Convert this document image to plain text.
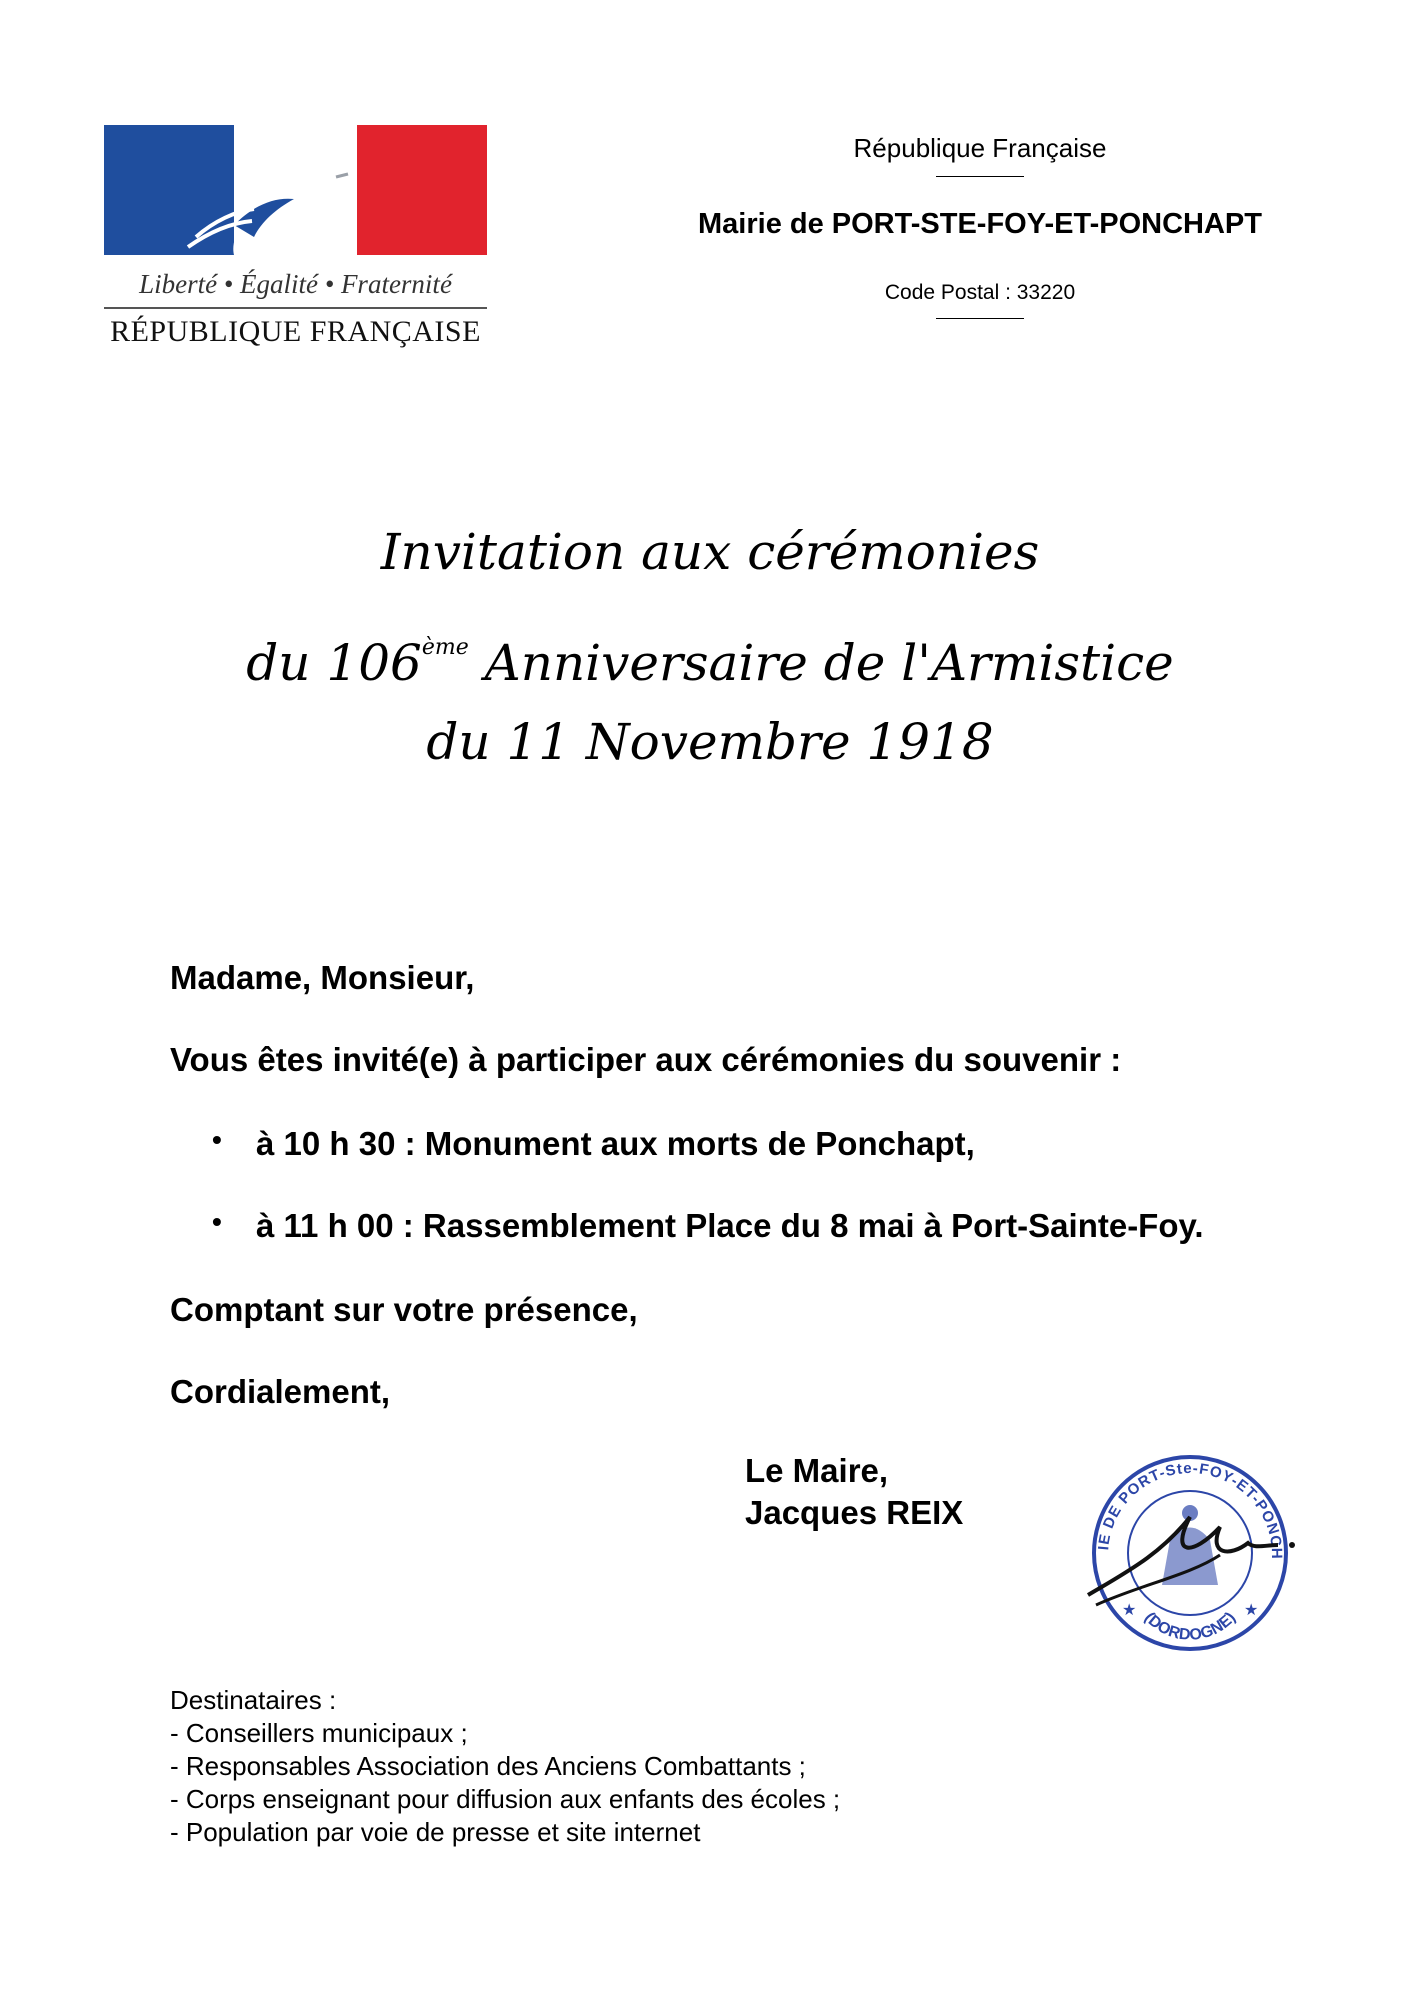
Liberté • Égalité • Fraternité
RÉPUBLIQUE FRANÇAISE
République Française
Mairie de PORT-STE-FOY-ET-PONCHAPT
Code Postal : 33220
Invitation aux cérémonies
du 106ème Anniversaire de l'Armistice
du 11 Novembre 1918
Madame, Monsieur,
Vous êtes invité(e) à participer aux cérémonies du souvenir :
• à 10 h 30 : Monument aux morts de Ponchapt,
• à 11 h 00 : Rassemblement Place du 8 mai à Port-Sainte-Foy.
Comptant sur votre présence,
Cordialement,
Le Maire,
Jacques REIX
IE DE PORT-Ste-FOY-ET-PONCH
(DORDOGNE)
★	★
Destinataires :
- Conseillers municipaux ;
- Responsables Association des Anciens Combattants ;
- Corps enseignant pour diffusion aux enfants des écoles ;
- Population par voie de presse et site internet
